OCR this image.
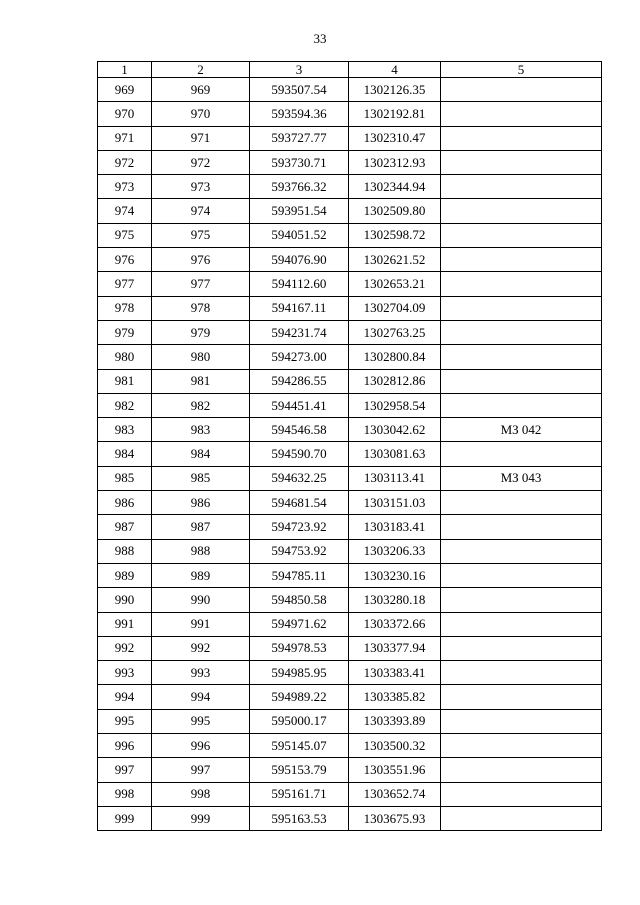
33
1	2	3	4	5
969	969	593507.54	1302126.35	
970	970	593594.36	1302192.81	
971	971	593727.77	1302310.47	
972	972	593730.71	1302312.93	
973	973	593766.32	1302344.94	
974	974	593951.54	1302509.80	
975	975	594051.52	1302598.72	
976	976	594076.90	1302621.52	
977	977	594112.60	1302653.21	
978	978	594167.11	1302704.09	
979	979	594231.74	1302763.25	
980	980	594273.00	1302800.84	
981	981	594286.55	1302812.86	
982	982	594451.41	1302958.54	
983	983	594546.58	1303042.62	МЗ 042
984	984	594590.70	1303081.63	
985	985	594632.25	1303113.41	МЗ 043
986	986	594681.54	1303151.03	
987	987	594723.92	1303183.41	
988	988	594753.92	1303206.33	
989	989	594785.11	1303230.16	
990	990	594850.58	1303280.18	
991	991	594971.62	1303372.66	
992	992	594978.53	1303377.94	
993	993	594985.95	1303383.41	
994	994	594989.22	1303385.82	
995	995	595000.17	1303393.89	
996	996	595145.07	1303500.32	
997	997	595153.79	1303551.96	
998	998	595161.71	1303652.74	
999	999	595163.53	1303675.93	
